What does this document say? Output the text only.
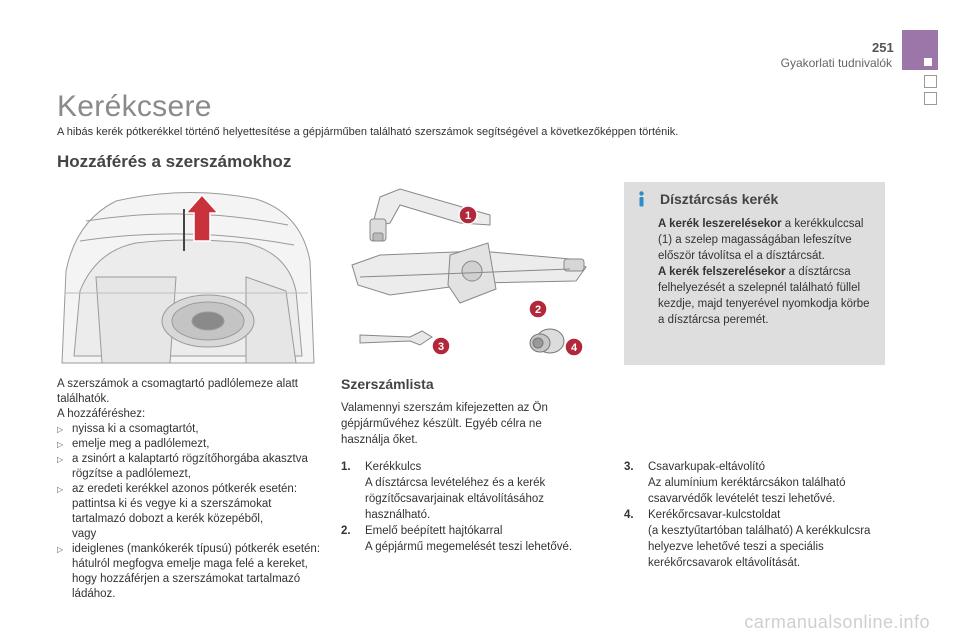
251
Gyakorlati tudnivalók
Kerékcsere
A hibás kerék pótkerékkel történő helyettesítése a gépjárműben található szerszámok segítségével a következőképpen történik.
Hozzáférés a szerszámokhoz
1
2
3	4
A szerszámok a csomagtartó padlólemeze alatt találhatók.
A hozzáféréshez:
▷ nyissa ki a csomagtartót,
▷ emelje meg a padlólemezt,
▷ a zsinórt a kalaptartó rögzítőhorgába akasztva rögzítse a padlólemezt,
▷ az eredeti kerékkel azonos pótkerék esetén: pattintsa ki és vegye ki a szerszámokat tartalmazó dobozt a kerék közepéből,
vagy
▷ ideiglenes (mankókerék típusú) pótkerék esetén: hátulról megfogva emelje maga felé a kereket, hogy hozzáférjen a szerszámokat tartalmazó ládához.
Szerszámlista
Valamennyi szerszám kifejezetten az Ön gépjárművéhez készült. Egyéb célra ne használja őket.
1. Kerékkulcs
A dísztárcsa levételéhez és a kerék rögzítőcsavarjainak eltávolításához használható.
2. Emelő beépített hajtókarral
A gépjármű megemelését teszi lehetővé.
3. Csavarkupak-eltávolító
Az alumínium keréktárcsákon található csavarvédők levételét teszi lehetővé.
4. Kerékőrcsavar-kulcstoldat
(a kesztyűtartóban található) A kerékkulcsra helyezve lehetővé teszi a speciális kerékőrcsavarok eltávolítását.
Dísztárcsás kerék

A kerék leszerelésekor a kerékkulccsal (1) a szelep magasságában lefeszítve először távolítsa el a dísztárcsát.

A kerék felszerelésekor a dísztárcsa felhelyezését a szelepnél található füllel kezdje, majd tenyerével nyomkodja körbe a dísztárcsa peremét.

carmanualsonline.info
